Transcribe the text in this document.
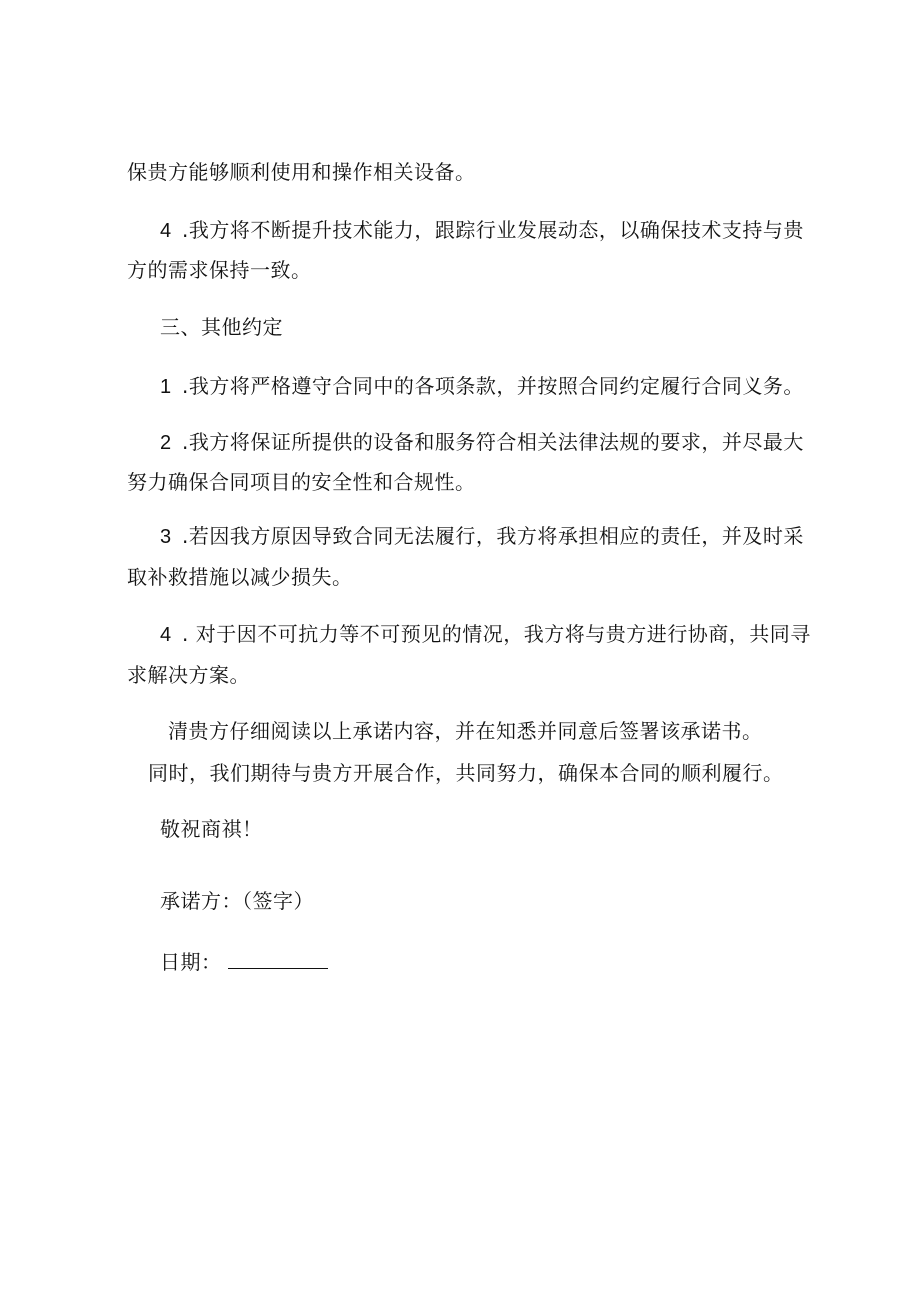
保贵方能够顺利使用和操作相关设备。
4 .我方将不断提升技术能力，跟踪行业发展动态，以确保技术支持与贵
方的需求保持一致。
三、其他约定
1 .我方将严格遵守合同中的各项条款，并按照合同约定履行合同义务。
2 .我方将保证所提供的设备和服务符合相关法律法规的要求，并尽最大
努力确保合同项目的安全性和合规性。
3 .若因我方原因导致合同无法履行，我方将承担相应的责任，并及时采
取补救措施以减少损失。
4 . 对于因不可抗力等不可预见的情况，我方将与贵方进行协商，共同寻
求解决方案。
清贵方仔细阅读以上承诺内容，并在知悉并同意后签署该承诺书。
同时，我们期待与贵方开展合作，共同努力，确保本合同的顺利履行。
敬祝商祺！
承诺方：（签字）
日期：
